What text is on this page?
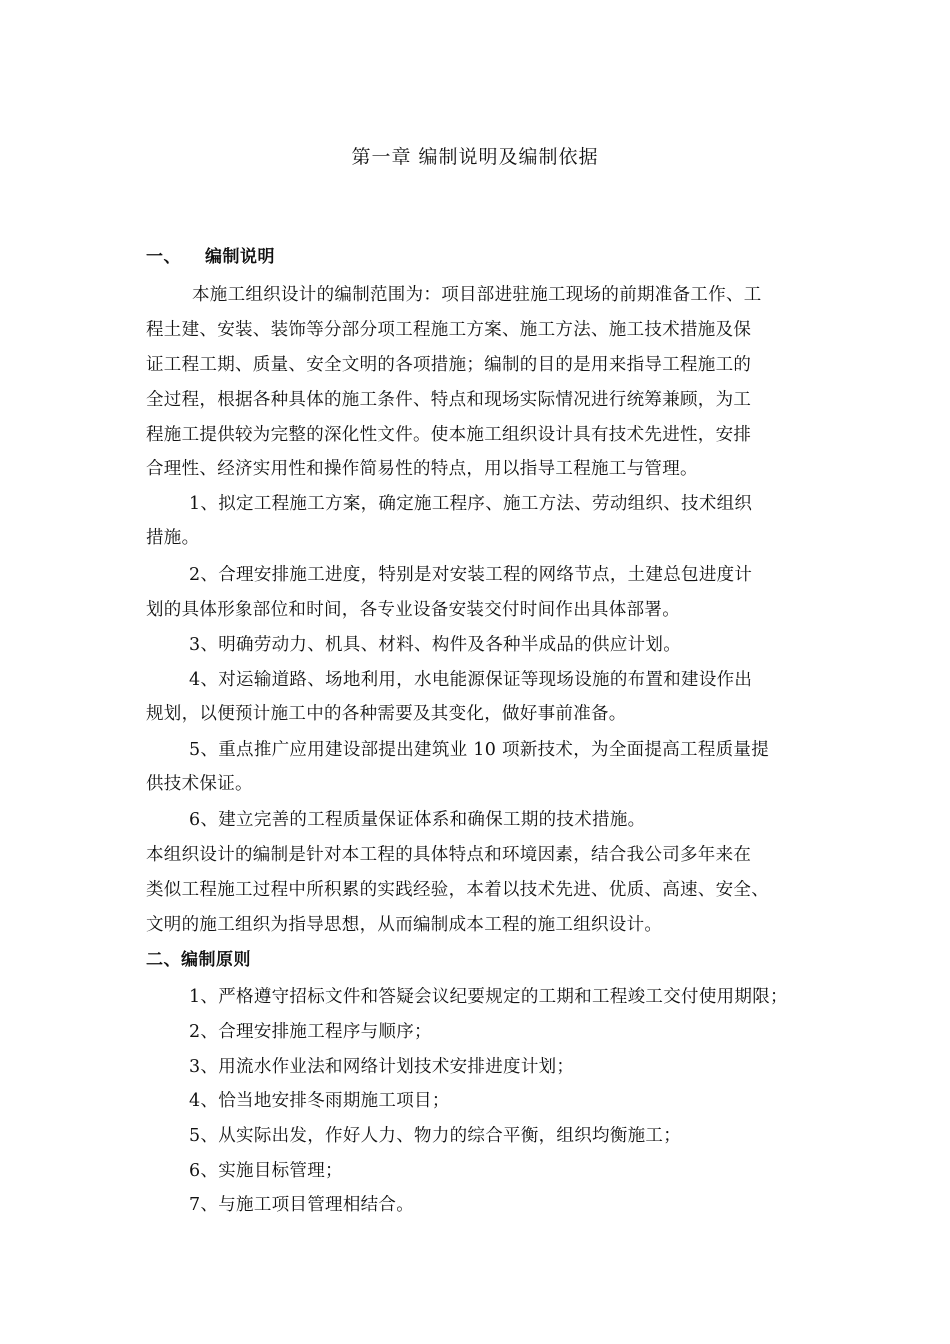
第一章 编制说明及编制依据
一、 编制说明
本施工组织设计的编制范围为：项目部进驻施工现场的前期准备工作、工
程土建、安装、装饰等分部分项工程施工方案、施工方法、施工技术措施及保
证工程工期、质量、安全文明的各项措施；编制的目的是用来指导工程施工的
全过程，根据各种具体的施工条件、特点和现场实际情况进行统筹兼顾，为工
程施工提供较为完整的深化性文件。使本施工组织设计具有技术先进性，安排
合理性、经济实用性和操作简易性的特点，用以指导工程施工与管理。
1、拟定工程施工方案，确定施工程序、施工方法、劳动组织、技术组织
措施。
2、合理安排施工进度，特别是对安装工程的网络节点，土建总包进度计
划的具体形象部位和时间，各专业设备安装交付时间作出具体部署。
3、明确劳动力、机具、材料、构件及各种半成品的供应计划。
4、对运输道路、场地利用，水电能源保证等现场设施的布置和建设作出
规划，以便预计施工中的各种需要及其变化，做好事前准备。
5、重点推广应用建设部提出建筑业 10 项新技术，为全面提高工程质量提
供技术保证。
6、建立完善的工程质量保证体系和确保工期的技术措施。
本组织设计的编制是针对本工程的具体特点和环境因素，结合我公司多年来在
类似工程施工过程中所积累的实践经验，本着以技术先进、优质、高速、安全、
文明的施工组织为指导思想，从而编制成本工程的施工组织设计。
二、编制原则
1、严格遵守招标文件和答疑会议纪要规定的工期和工程竣工交付使用期限；
2、合理安排施工程序与顺序；
3、用流水作业法和网络计划技术安排进度计划；
4、恰当地安排冬雨期施工项目；
5、从实际出发，作好人力、物力的综合平衡，组织均衡施工；
6、实施目标管理；
7、与施工项目管理相结合。
